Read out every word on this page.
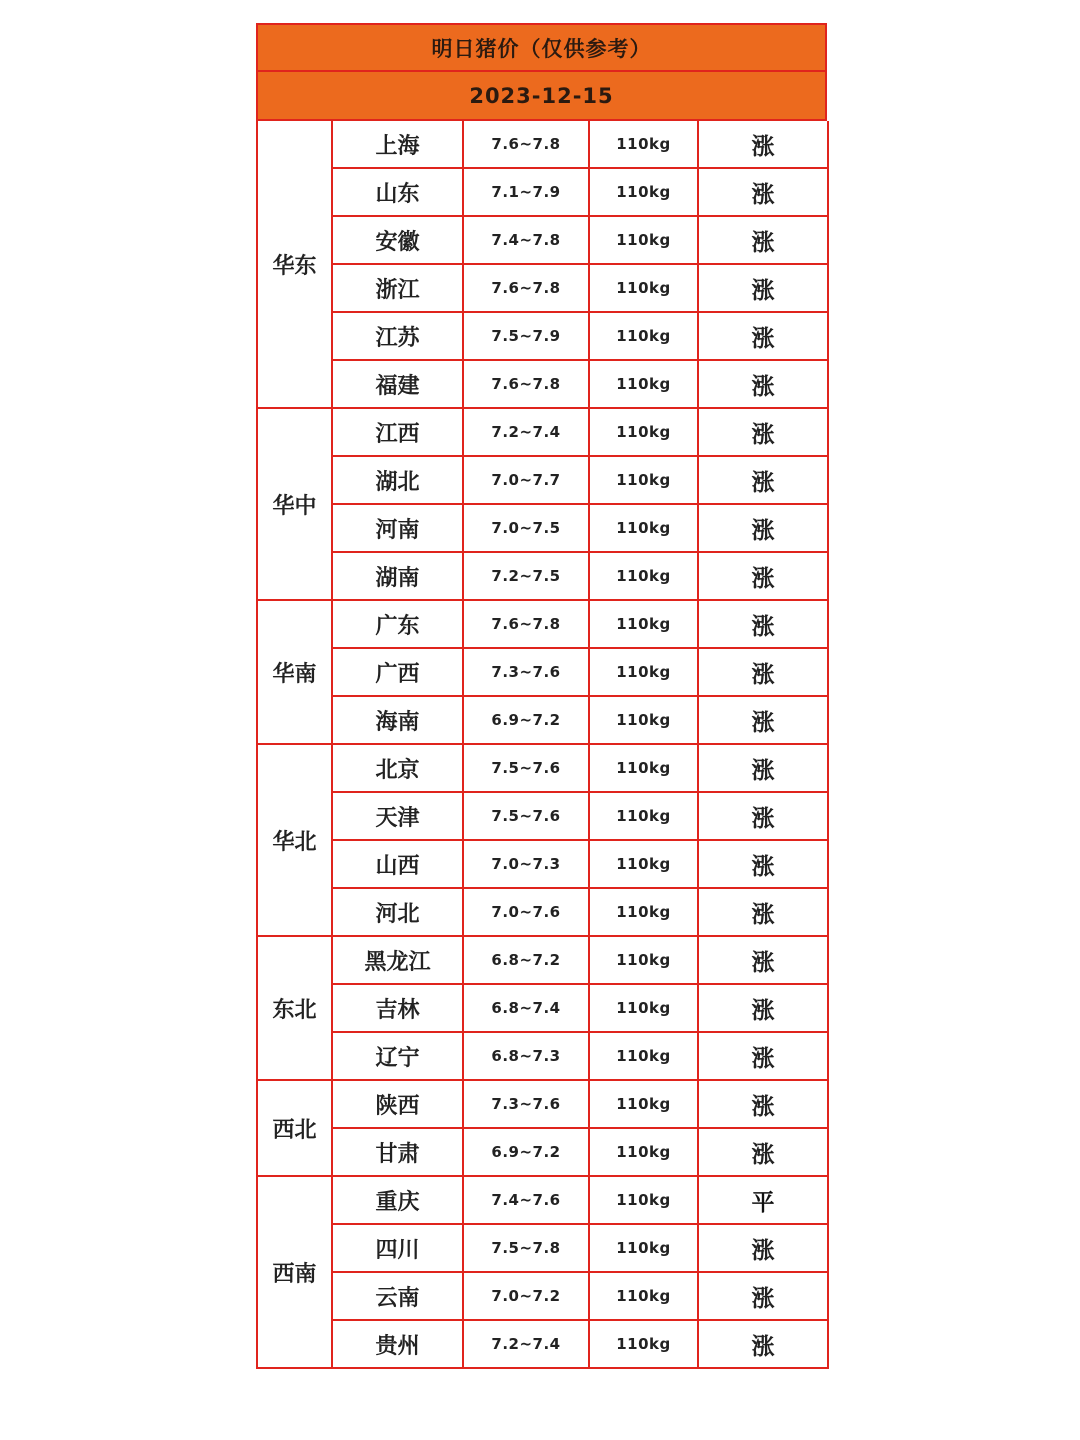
明日猪价（仅供参考）
2023-12-15
华东	上海	7.6~7.8	110kg	涨
	山东	7.1~7.9	110kg	涨
	安徽	7.4~7.8	110kg	涨
	浙江	7.6~7.8	110kg	涨
	江苏	7.5~7.9	110kg	涨
	福建	7.6~7.8	110kg	涨
华中	江西	7.2~7.4	110kg	涨
	湖北	7.0~7.7	110kg	涨
	河南	7.0~7.5	110kg	涨
	湖南	7.2~7.5	110kg	涨
华南	广东	7.6~7.8	110kg	涨
	广西	7.3~7.6	110kg	涨
	海南	6.9~7.2	110kg	涨
华北	北京	7.5~7.6	110kg	涨
	天津	7.5~7.6	110kg	涨
	山西	7.0~7.3	110kg	涨
	河北	7.0~7.6	110kg	涨
东北	黑龙江	6.8~7.2	110kg	涨
	吉林	6.8~7.4	110kg	涨
	辽宁	6.8~7.3	110kg	涨
西北	陕西	7.3~7.6	110kg	涨
	甘肃	6.9~7.2	110kg	涨
西南	重庆	7.4~7.6	110kg	平
	四川	7.5~7.8	110kg	涨
	云南	7.0~7.2	110kg	涨
	贵州	7.2~7.4	110kg	涨
